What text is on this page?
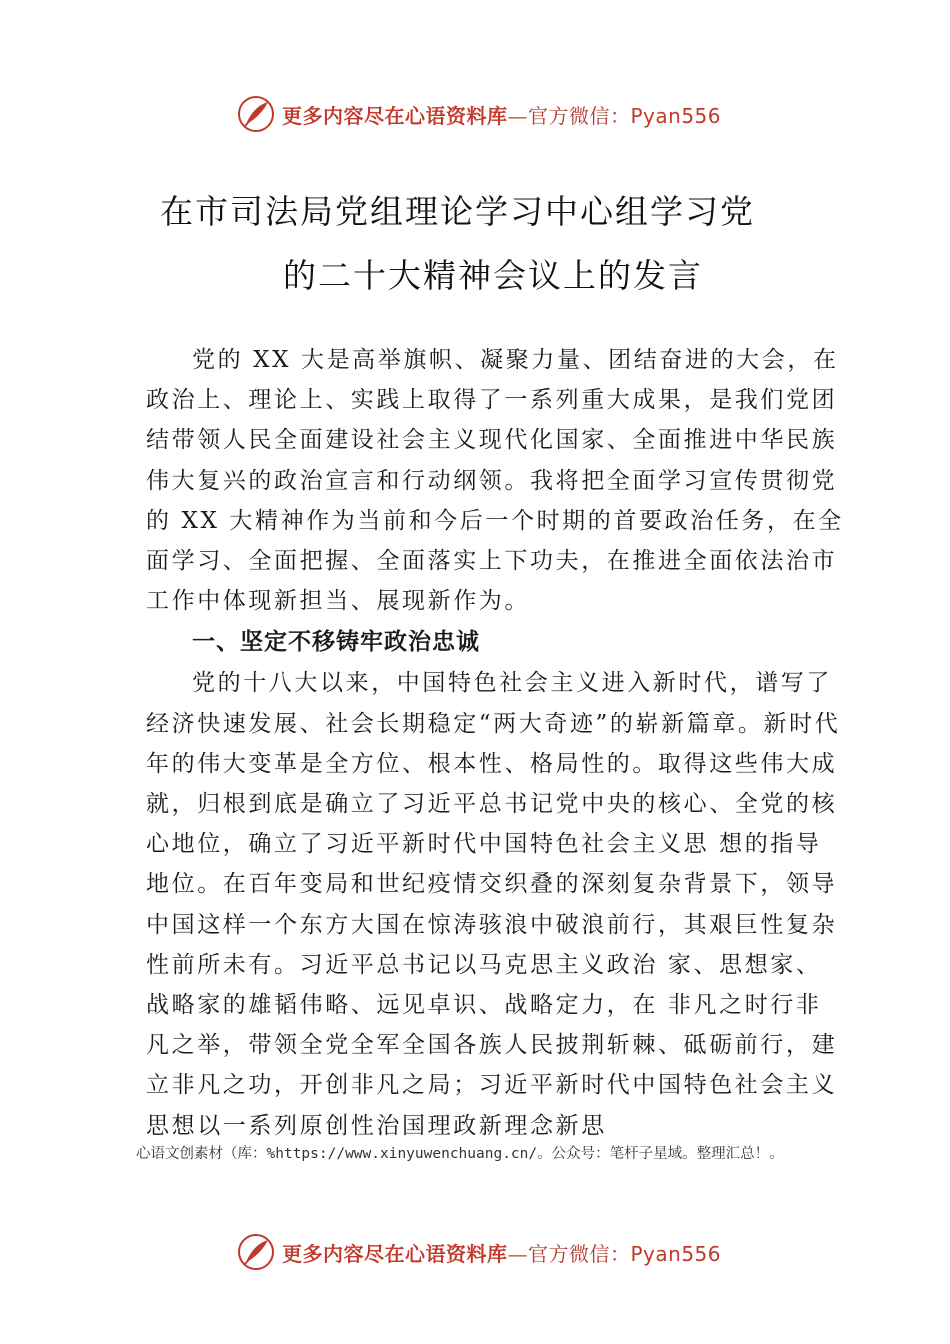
更多内容尽在心语资料库—官方微信：Pyan556
在市司法局党组理论学习中心组学习党
的二十大精神会议上的发言

党的 XX 大是高举旗帜、凝聚力量、团结奋进的大会，在政治上、理论上、实践上取得了一系列重大成果，是我们党团结带领人民全面建设社会主义现代化国家、全面推进中华民族伟大复兴的政治宣言和行动纲领。我将把全面学习宣传贯彻党的 XX 大精神作为当前和今后一个时期的首要政治任务，在全面学习、全面把握、全面落实上下功夫，在推进全面依法治市工作中体现新担当、展现新作为。

一、坚定不移铸牢政治忠诚

党的十八大以来，中国特色社会主义进入新时代，谱写了经济快速发展、社会长期稳定“两大奇迹”的崭新篇章。新时代年的伟大变革是全方位、根本性、格局性的。取得这些伟大成就，归根到底是确立了习近平总书记党中央的核心、全党的核心地位，确立了习近平新时代中国特色社会主义思 想的指导地位。在百年变局和世纪疫情交织叠的深刻复杂背景下，领导中国这样一个东方大国在惊涛骇浪中破浪前行，其艰巨性复杂性前所未有。习近平总书记以马克思主义政治 家、思想家、战略家的雄韬伟略、远见卓识、战略定力，在 非凡之时行非凡之举，带领全党全军全国各族人民披荆斩棘、砥砺前行，建立非凡之功，开创非凡之局；习近平新时代中国特色社会主义思想以一系列原创性治国理政新理念新思

心语文创素材（库：%https://www.xinyuwenchuang.cn/。公众号：笔杆子星域。整理汇总！。
更多内容尽在心语资料库—官方微信：Pyan556
